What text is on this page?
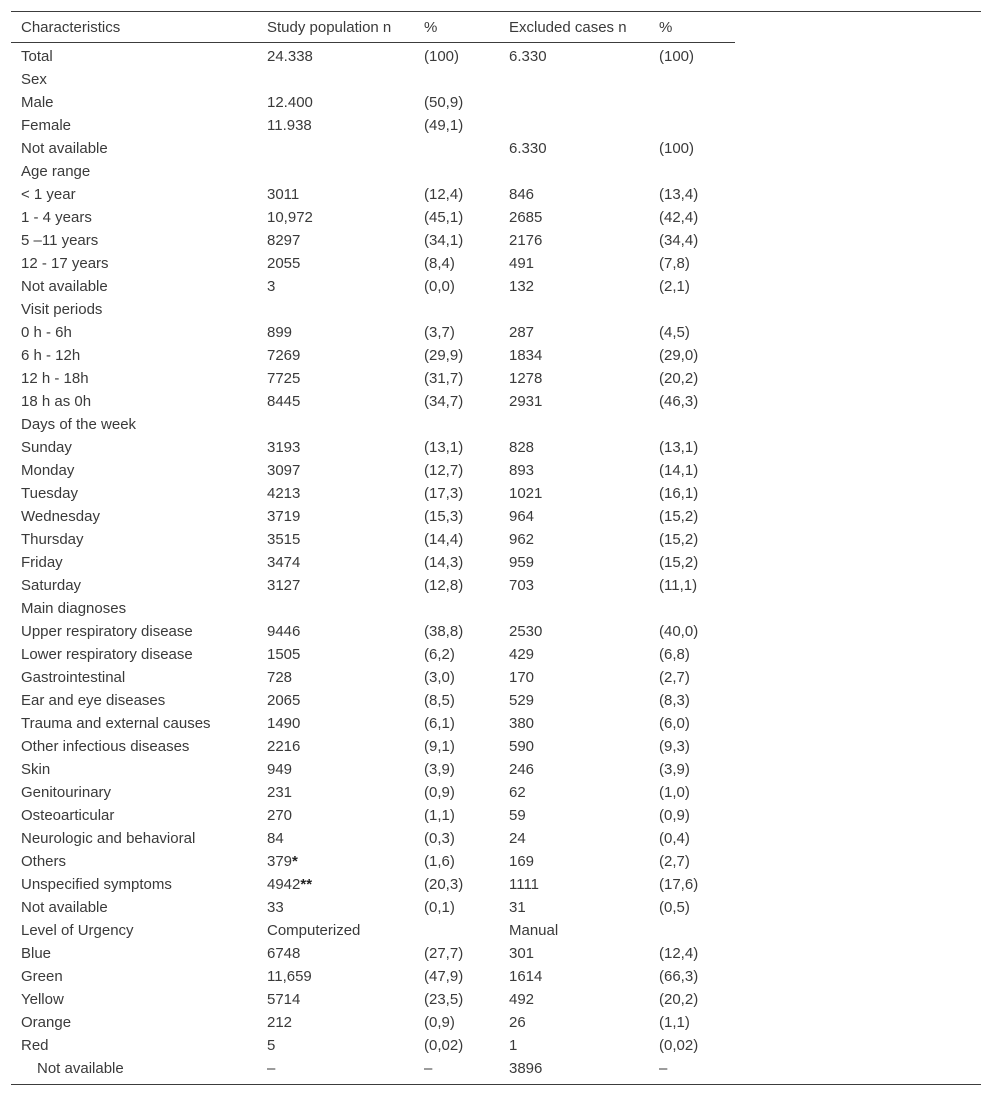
Characteristics	Study population n	%	Excluded cases n	%
Total	24.338	(100)	6.330	(100)
Sex				
Male	12.400	(50,9)		
Female	11.938	(49,1)		
Not available			6.330	(100)
Age range				
< 1 year	3011	(12,4)	846	(13,4)
1 - 4 years	10,972	(45,1)	2685	(42,4)
5 –11 years	8297	(34,1)	2176	(34,4)
12 - 17 years	2055	(8,4)	491	(7,8)
Not available	3	(0,0)	132	(2,1)
Visit periods				
0 h - 6h	899	(3,7)	287	(4,5)
6 h - 12h	7269	(29,9)	1834	(29,0)
12 h - 18h	7725	(31,7)	1278	(20,2)
18 h as 0h	8445	(34,7)	2931	(46,3)
Days of the week				
Sunday	3193	(13,1)	828	(13,1)
Monday	3097	(12,7)	893	(14,1)
Tuesday	4213	(17,3)	1021	(16,1)
Wednesday	3719	(15,3)	964	(15,2)
Thursday	3515	(14,4)	962	(15,2)
Friday	3474	(14,3)	959	(15,2)
Saturday	3127	(12,8)	703	(11,1)
Main diagnoses				
Upper respiratory disease	9446	(38,8)	2530	(40,0)
Lower respiratory disease	1505	(6,2)	429	(6,8)
Gastrointestinal	728	(3,0)	170	(2,7)
Ear and eye diseases	2065	(8,5)	529	(8,3)
Trauma and external causes	1490	(6,1)	380	(6,0)
Other infectious diseases	2216	(9,1)	590	(9,3)
Skin	949	(3,9)	246	(3,9)
Genitourinary	231	(0,9)	62	(1,0)
Osteoarticular	270	(1,1)	59	(0,9)
Neurologic and behavioral	84	(0,3)	24	(0,4)
Others	379*	(1,6)	169	(2,7)
Unspecified symptoms	4942**	(20,3)	1111	(17,6)
Not available	33	(0,1)	31	(0,5)
Level of Urgency	Computerized		Manual	
Blue	6748	(27,7)	301	(12,4)
Green	11,659	(47,9)	1614	(66,3)
Yellow	5714	(23,5)	492	(20,2)
Orange	212	(0,9)	26	(1,1)
Red	5	(0,02)	1	(0,02)
Not available	–	–	3896	–
